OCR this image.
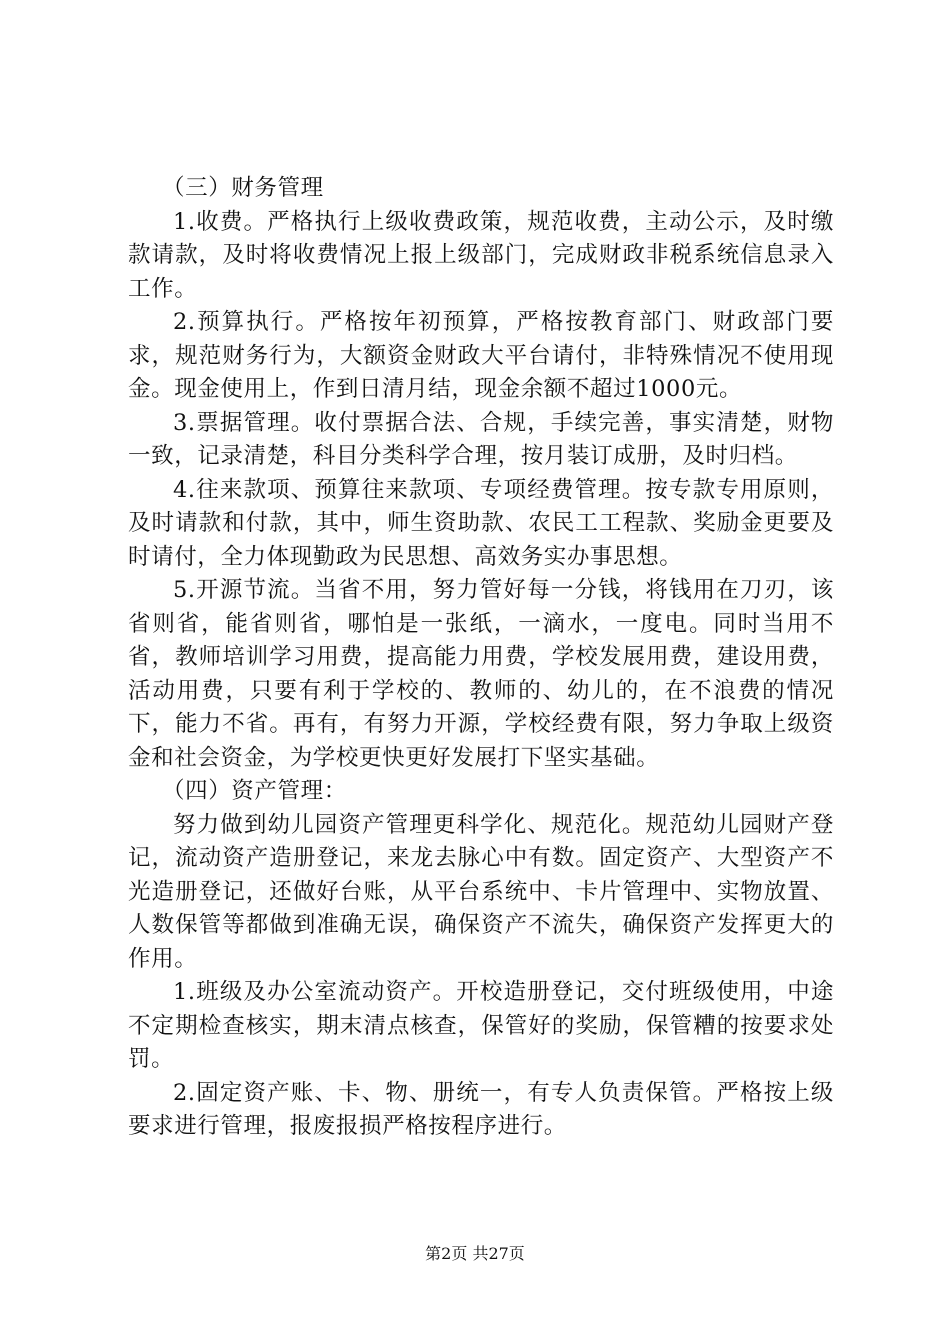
（三）财务管理

1.收费。严格执行上级收费政策，规范收费，主动公示，及时缴款请款，及时将收费情况上报上级部门，完成财政非税系统信息录入工作。

2.预算执行。严格按年初预算，严格按教育部门、财政部门要求，规范财务行为，大额资金财政大平台请付，非特殊情况不使用现金。现金使用上，作到日清月结，现金余额不超过1000元。

3.票据管理。收付票据合法、合规，手续完善，事实清楚，财物一致，记录清楚，科目分类科学合理，按月装订成册，及时归档。

4.往来款项、预算往来款项、专项经费管理。按专款专用原则，及时请款和付款，其中，师生资助款、农民工工程款、奖励金更要及时请付，全力体现勤政为民思想、高效务实办事思想。

5.开源节流。当省不用，努力管好每一分钱，将钱用在刀刃，该省则省，能省则省，哪怕是一张纸，一滴水，一度电。同时当用不省，教师培训学习用费，提高能力用费，学校发展用费，建设用费，活动用费，只要有利于学校的、教师的、幼儿的，在不浪费的情况下，能力不省。再有，有努力开源，学校经费有限，努力争取上级资金和社会资金，为学校更快更好发展打下坚实基础。

（四）资产管理：

努力做到幼儿园资产管理更科学化、规范化。规范幼儿园财产登记，流动资产造册登记，来龙去脉心中有数。固定资产、大型资产不光造册登记，还做好台账，从平台系统中、卡片管理中、实物放置、人数保管等都做到准确无误，确保资产不流失，确保资产发挥更大的作用。

1.班级及办公室流动资产。开校造册登记，交付班级使用，中途不定期检查核实，期末清点核查，保管好的奖励，保管糟的按要求处罚。

2.固定资产账、卡、物、册统一，有专人负责保管。严格按上级要求进行管理，报废报损严格按程序进行。

第2页 共27页
